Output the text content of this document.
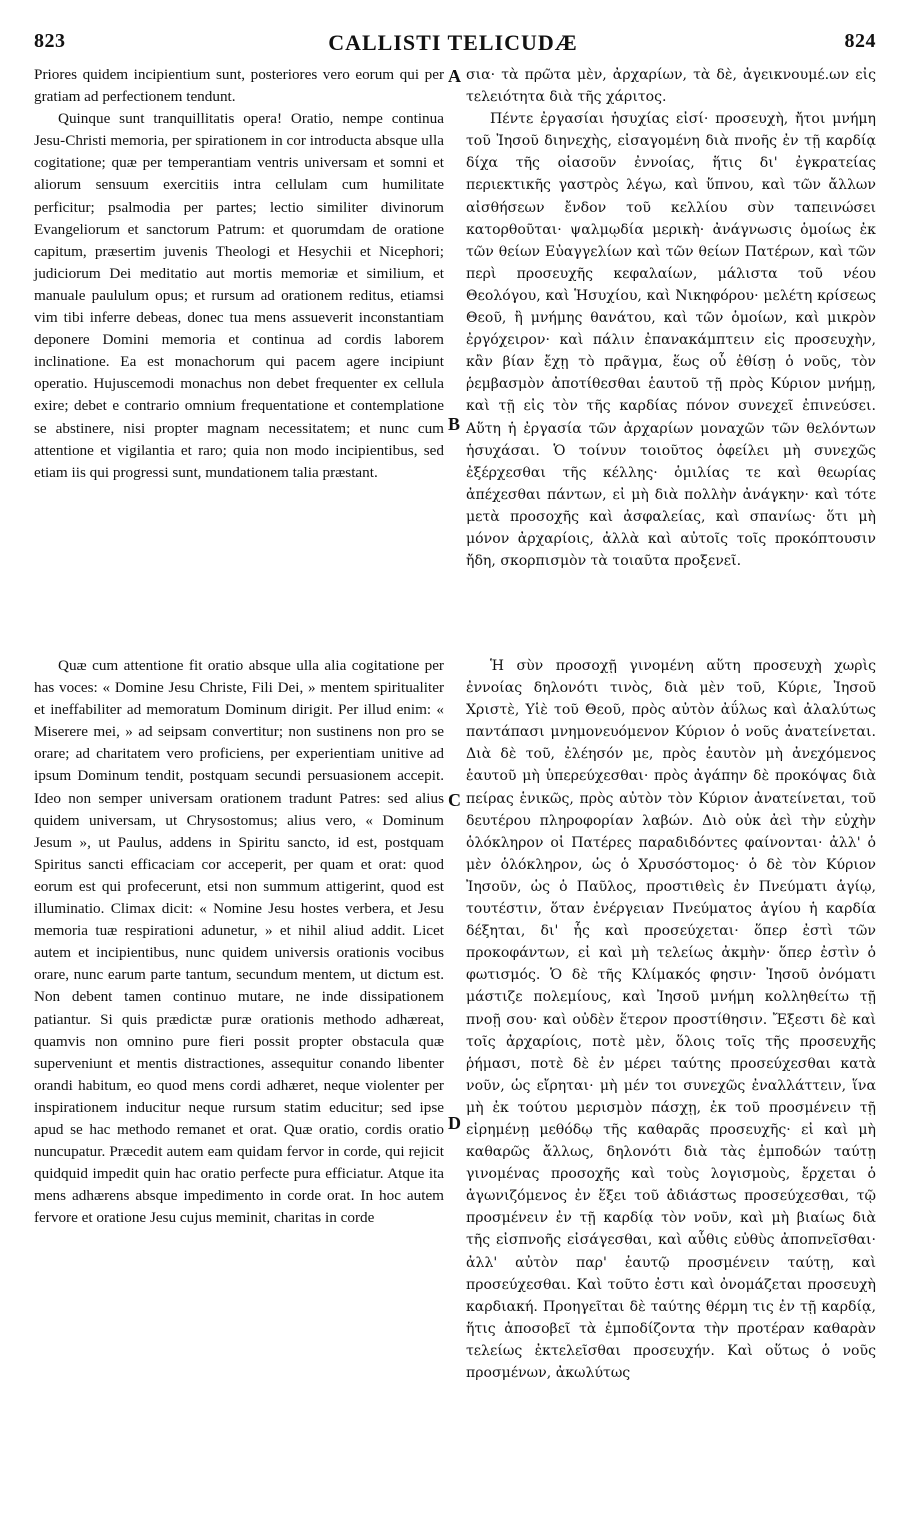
823	CALLISTI TELICUDÆ	824

Priores quidem incipientium sunt, posteriores vero eorum qui per gratiam ad perfectionem tendunt.

Quinque sunt tranquillitatis opera! Oratio, nempe continua Jesu-Christi memoria, per spirationem in cor introducta absque ulla cogitatione; quæ per temperantiam ventris universam et somni et aliorum sensuum exercitiis intra cellulam cum humilitate perficitur; psalmodia per partes; lectio similiter divinorum Evangeliorum et sanctorum Patrum: et quorumdam de oratione capitum, præsertim juvenis Theologi et Hesychii et Nicephori; judiciorum Dei meditatio aut mortis memoriæ et similium, et manuale paululum opus; et rursum ad orationem reditus, etiamsi vim tibi inferre debeas, donec tua mens assueverit inconstantiam deponere Domini memoria et continua ad cordis laborem inclinatione. Ea est monachorum qui pacem agere incipiunt operatio. Hujuscemodi monachus non debet frequenter ex cellula exire; debet e contrario omnium frequentatione et contemplatione se abstinere, nisi propter magnam necessitatem; et nunc cum attentione et vigilantia et raro; quia non modo incipientibus, sed etiam iis qui progressi sunt, mundationem talia præstant.

σια· τὰ πρῶτα μὲν, ἀρχαρίων, τὰ δὲ, ἀγεικνουμέ.ων εἰς τελειότητα διὰ τῆς χάριτος.

Πέντε ἐργασίαι ἡσυχίας εἰσί· προσευχὴ, ἤτοι μνήμη τοῦ Ἰησοῦ διηνεχὴς, εἰσαγομένη διὰ πνοῆς ἐν τῇ καρδίᾳ δίχα τῆς οἱασοῦν ἐννοίας, ἥτις δι' ἐγκρατείας περιεκτικῆς γαστρὸς λέγω, καὶ ὕπνου, καὶ τῶν ἄλλων αἰσθήσεων ἔνδον τοῦ κελλίου σὺν ταπεινώσει κατορθοῦται· ψαλμῳδία μερικὴ· ἀνάγνωσις ὁμοίως ἐκ τῶν θείων Εὐαγγελίων καὶ τῶν θείων Πατέρων, καὶ τῶν περὶ προσευχῆς κεφαλαίων, μάλιστα τοῦ νέου Θεολόγου, καὶ Ἡσυχίου, καὶ Νικηφόρου· μελέτη κρίσεως Θεοῦ, ἢ μνήμης θανάτου, καὶ τῶν ὁμοίων, καὶ μικρὸν ἐργόχειρον· καὶ πάλιν ἐπανακάμπτειν εἰς προσευχὴν, κἂν βίαν ἔχῃ τὸ πρᾶγμα, ἕως οὗ ἐθίσῃ ὁ νοῦς, τὸν ῥεμβασμὸν ἀποτίθεσθαι ἑαυτοῦ τῇ πρὸς Κύριον μνήμῃ, καὶ τῇ εἰς τὸν τῆς καρδίας πόνον συνεχεῖ ἐπινεύσει. Αὕτη ἡ ἐργασία τῶν ἀρχαρίων μοναχῶν τῶν θελόντων ἡσυχάσαι. Ὁ τοίνυν τοιοῦτος ὀφείλει μὴ συνεχῶς ἐξέρχεσθαι τῆς κέλλης· ὁμιλίας τε καὶ θεωρίας ἀπέχεσθαι πάντων, εἰ μὴ διὰ πολλὴν ἀνάγκην· καὶ τότε μετὰ προσοχῆς καὶ ἀσφαλείας, καὶ σπανίως· ὅτι μὴ μόνον ἀρχαρίοις, ἀλλὰ καὶ αὐτοῖς τοῖς προκόπτουσιν ἤδη, σκορπισμὸν τὰ τοιαῦτα προξενεῖ.

Quæ cum attentione fit oratio absque ulla alia cogitatione per has voces: « Domine Jesu Christe, Fili Dei, » mentem spiritualiter et ineffabiliter ad memoratum Dominum dirigit. Per illud enim: « Miserere mei, » ad seipsam convertitur; non sustinens non pro se orare; ad charitatem vero proficiens, per experientiam unitive ad ipsum Dominum tendit, postquam secundi persuasionem accepit. Ideo non semper universam orationem tradunt Patres: sed alius quidem universam, ut Chrysostomus; alius vero, « Dominum Jesum », ut Paulus, addens in Spiritu sancto, id est, postquam Spiritus sancti efficaciam cor acceperit, per quam et orat: quod eorum est qui profecerunt, etsi non summum attigerint, quod est illuminatio. Climax dicit: « Nomine Jesu hostes verbera, et Jesu memoria tuæ respirationi adunetur, » et nihil aliud addit. Licet autem et incipientibus, nunc quidem universis orationis vocibus orare, nunc earum parte tantum, secundum mentem, ut dictum est. Non debent tamen continuo mutare, ne inde dissipationem patiantur. Si quis prædictæ puræ orationis methodo adhæreat, quamvis non omnino pure fieri possit propter obstacula quæ superveniunt et mentis distractiones, assequitur conando libenter orandi habitum, eo quod mens cordi adhæret, neque violenter per inspirationem inducitur neque rursum statim educitur; sed ipse apud se hac methodo remanet et orat. Quæ oratio, cordis oratio nuncupatur. Præcedit autem eam quidam fervor in corde, qui rejicit quidquid impedit quin hac oratio perfecte pura efficiatur. Atque ita mens adhærens absque impedimento in corde orat. In hoc autem fervore et oratione Jesu cujus meminit, charitas in corde

Ἡ σὺν προσοχῇ γινομένη αὕτη προσευχὴ χωρὶς ἐννοίας δηλονότι τινὸς, διὰ μὲν τοῦ, Κύριε, Ἰησοῦ Χριστὲ, Υἱὲ τοῦ Θεοῦ, πρὸς αὐτὸν ἀΰλως καὶ ἀλαλύτως παντάπασι μνημονευόμενον Κύριον ὁ νοῦς ἀνατείνεται. Διὰ δὲ τοῦ, ἐλέησόν με, πρὸς ἑαυτὸν μὴ ἀνεχόμενος ἑαυτοῦ μὴ ὑπερεύχεσθαι· πρὸς ἀγάπην δὲ προκόψας διὰ πείρας ἑνικῶς, πρὸς αὐτὸν τὸν Κύριον ἀνατείνεται, τοῦ δευτέρου πληροφορίαν λαβών. Διὸ οὐκ ἀεὶ τὴν εὐχὴν ὁλόκληρον οἱ Πατέρες παραδιδόντες φαίνονται· ἀλλ' ὁ μὲν ὁλόκληρον, ὡς ὁ Χρυσόστομος· ὁ δὲ τὸν Κύριον Ἰησοῦν, ὡς ὁ Παῦλος, προστιθεὶς ἐν Πνεύματι ἁγίῳ, τουτέστιν, ὅταν ἐνέργειαν Πνεύματος ἁγίου ἡ καρδία δέξηται, δι' ἧς καὶ προσεύχεται· ὅπερ ἐστὶ τῶν προκοφάντων, εἰ καὶ μὴ τελείως ἀκμὴν· ὅπερ ἐστὶν ὁ φωτισμός. Ὁ δὲ τῆς Κλίμακός φησιν· Ἰησοῦ ὀνόματι μάστιζε πολεμίους, καὶ Ἰησοῦ μνήμη κολληθείτω τῇ πνοῇ σου· καὶ οὐδὲν ἕτερον προστίθησιν. Ἔξεστι δὲ καὶ τοῖς ἀρχαρίοις, ποτὲ μὲν, ὅλοις τοῖς τῆς προσευχῆς ῥήμασι, ποτὲ δὲ ἐν μέρει ταύτης προσεύχεσθαι κατὰ νοῦν, ὡς εἴρηται· μὴ μέν τοι συνεχῶς ἐναλλάττειν, ἵνα μὴ ἐκ τούτου μερισμὸν πάσχῃ, ἐκ τοῦ προσμένειν τῇ εἰρημένῃ μεθόδῳ τῆς καθαρᾶς προσευχῆς· εἰ καὶ μὴ καθαρῶς ἄλλως, δηλονότι διὰ τὰς ἐμποδών ταύτῃ γινομένας προσοχῆς καὶ τοὺς λογισμοὺς, ἔρχεται ὁ ἀγωνιζόμενος ἐν ἕξει τοῦ ἀδιάστως προσεύχεσθαι, τῷ προσμένειν ἐν τῇ καρδίᾳ τὸν νοῦν, καὶ μὴ βιαίως διὰ τῆς εἰσπνοῆς εἰσάγεσθαι, καὶ αὖθις εὐθὺς ἀποπνεῖσθαι· ἀλλ' αὐτὸν παρ' ἑαυτῷ προσμένειν ταύτῃ, καὶ προσεύχεσθαι. Καὶ τοῦτο ἐστι καὶ ὀνομάζεται προσευχὴ καρδιακή. Προηγεῖται δὲ ταύτης θέρμη τις ἐν τῇ καρδίᾳ, ἥτις ἀποσοβεῖ τὰ ἐμποδίζοντα τὴν προτέραν καθαρὰν τελείως ἐκτελεῖσθαι προσευχήν. Καὶ οὕτως ὁ νοῦς προσμένων, ἀκωλύτως

A
B
C
D
